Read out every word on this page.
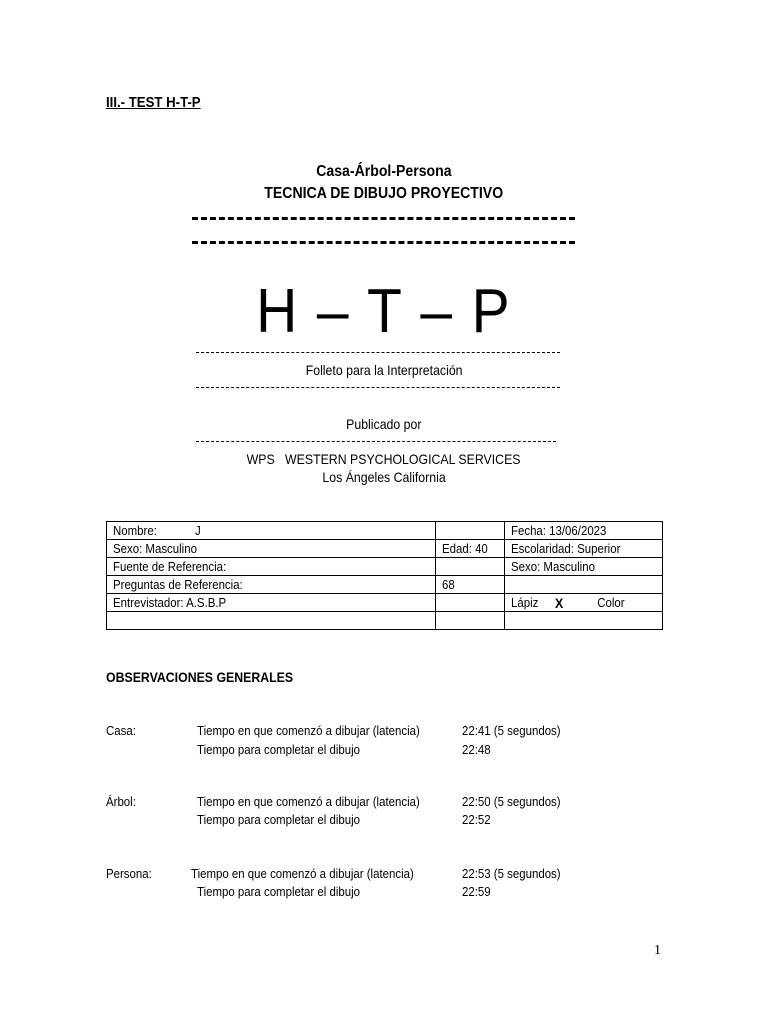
III.- TEST H-T-P
Casa-Árbol-Persona
TECNICA DE DIBUJO PROYECTIVO
H – T – P
Folleto para la Interpretación
Publicado por
WPS   WESTERN PSYCHOLOGICAL SERVICES
Los Ángeles California
Nombre:            J		Fecha: 13/06/2023
Sexo: Masculino	Edad: 40	Escolaridad: Superior
Fuente de Referencia:		Sexo: Masculino
Preguntas de Referencia:	68	
Entrevistador: A.S.B.P		Lápiz X Color

OBSERVACIONES GENERALES
Casa:	Tiempo en que comenzó a dibujar (latencia)	22:41 (5 segundos)
Tiempo para completar el dibujo	22:48
Árbol:	Tiempo en que comenzó a dibujar (latencia)	22:50 (5 segundos)
Tiempo para completar el dibujo	22:52
Persona:	Tiempo en que comenzó a dibujar (latencia)	22:53 (5 segundos)
Tiempo para completar el dibujo	22:59
1
